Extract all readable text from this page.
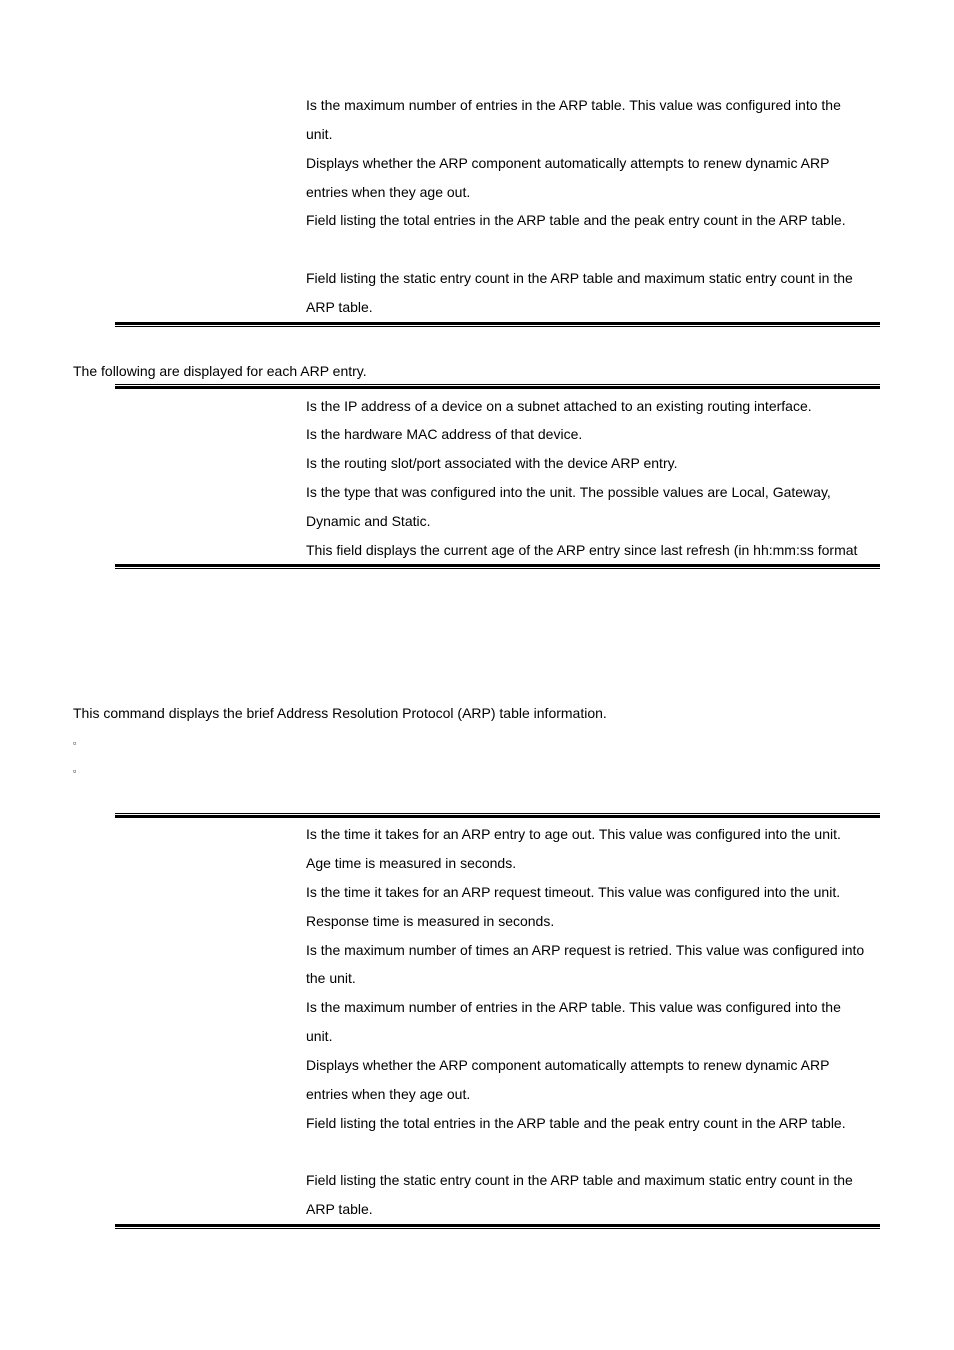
Is the maximum number of entries in the ARP table. This value was configured into the
unit.
Displays whether the ARP component automatically attempts to renew dynamic ARP
entries when they age out.
Field listing the total entries in the ARP table and the peak entry count in the ARP table.
Field listing the static entry count in the ARP table and maximum static entry count in the
ARP table.
The following are displayed for each ARP entry.
Is the IP address of a device on a subnet attached to an existing routing interface.
Is the hardware MAC address of that device.
Is the routing slot/port associated with the device ARP entry.
Is the type that was configured into the unit. The possible values are Local, Gateway,
Dynamic and Static.
This field displays the current age of the ARP entry since last refresh (in hh:mm:ss format
This command displays the brief Address Resolution Protocol (ARP) table information.
▫
▫
Is the time it takes for an ARP entry to age out. This value was configured into the unit.
Age time is measured in seconds.
Is the time it takes for an ARP request timeout. This value was configured into the unit.
Response time is measured in seconds.
Is the maximum number of times an ARP request is retried. This value was configured into
the unit.
Is the maximum number of entries in the ARP table. This value was configured into the
unit.
Displays whether the ARP component automatically attempts to renew dynamic ARP
entries when they age out.
Field listing the total entries in the ARP table and the peak entry count in the ARP table.
Field listing the static entry count in the ARP table and maximum static entry count in the
ARP table.
